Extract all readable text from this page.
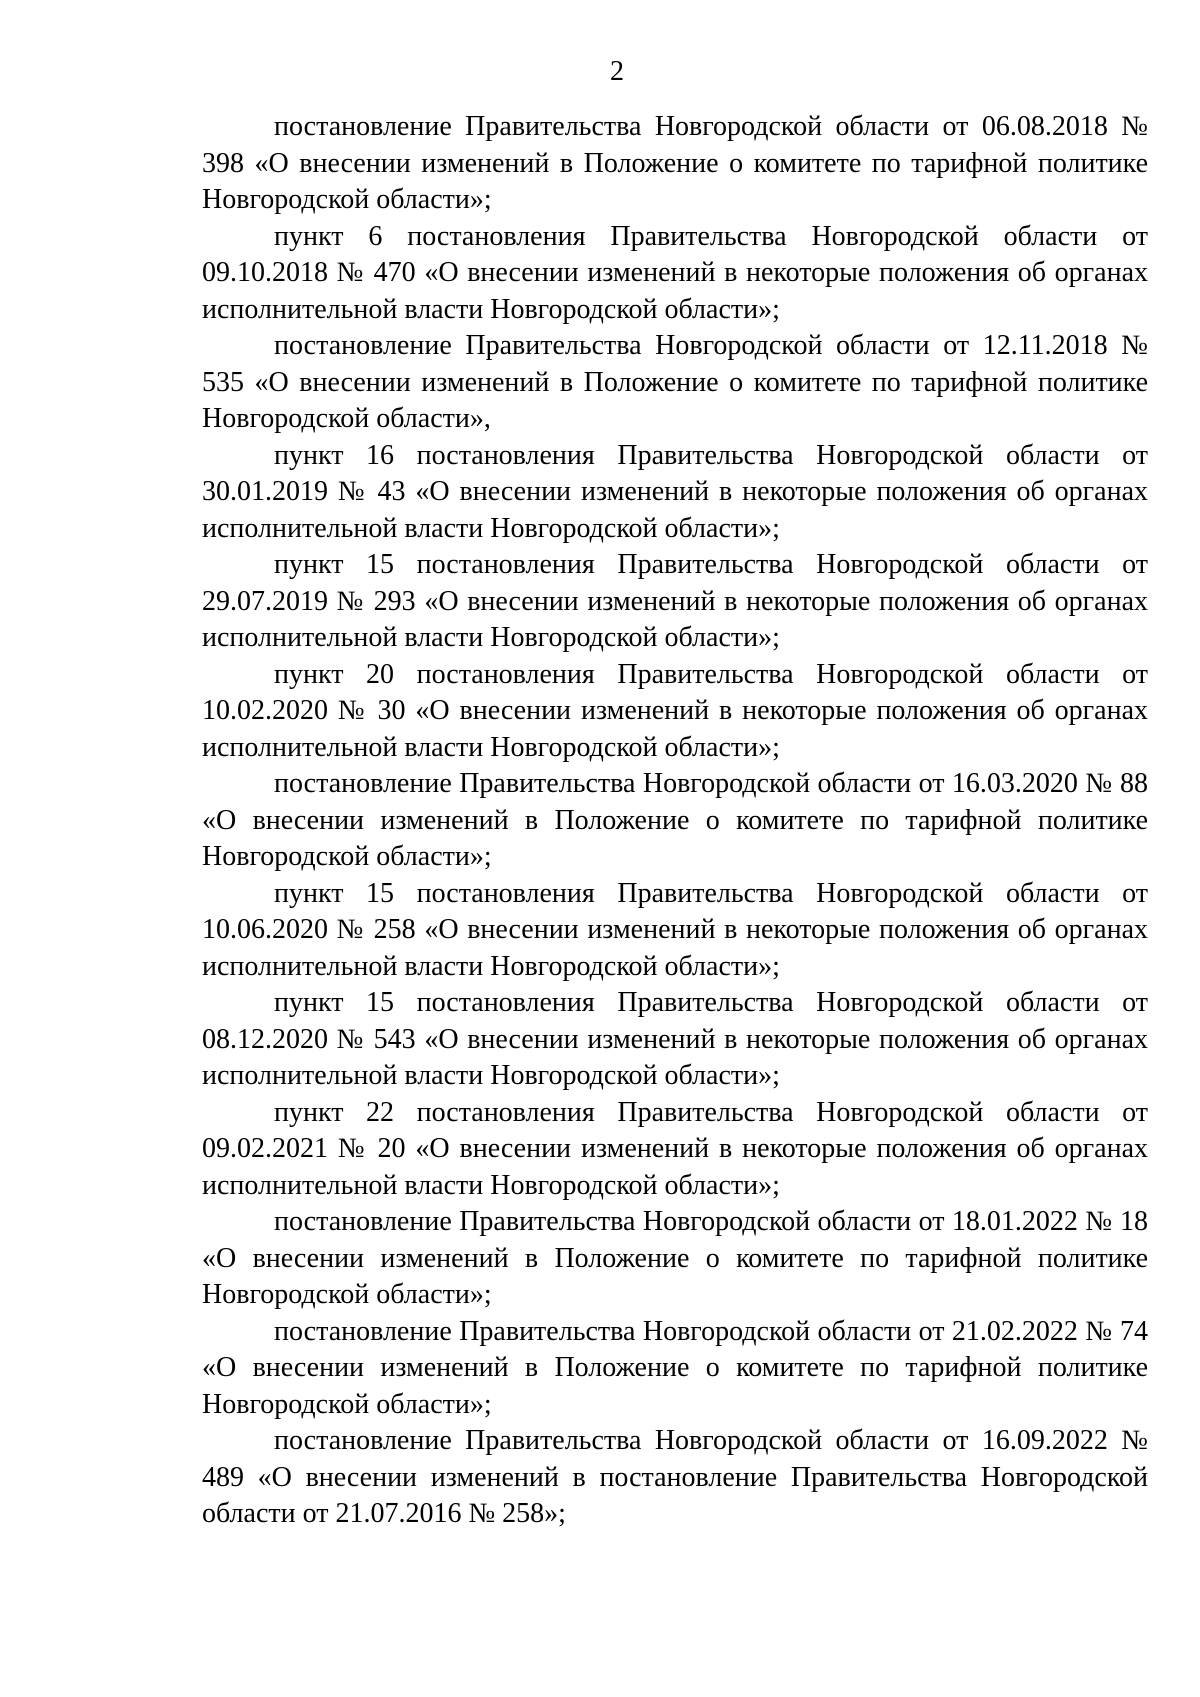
2

постановление Правительства Новгородской области от 06.08.2018 № 398 «О внесении изменений в Положение о комитете по тарифной политике Новгородской области»;

пункт 6 постановления Правительства Новгородской области от 09.10.2018 № 470 «О внесении изменений в некоторые положения об органах исполнительной власти Новгородской области»;

постановление Правительства Новгородской области от 12.11.2018 № 535 «О внесении изменений в Положение о комитете по тарифной политике Новгородской области»,

пункт 16 постановления Правительства Новгородской области от 30.01.2019 № 43 «О внесении изменений в некоторые положения об органах исполнительной власти Новгородской области»;

пункт 15 постановления Правительства Новгородской области от 29.07.2019 № 293 «О внесении изменений в некоторые положения об органах исполнительной власти Новгородской области»;

пункт 20 постановления Правительства Новгородской области от 10.02.2020 № 30 «О внесении изменений в некоторые положения об органах исполнительной власти Новгородской области»;

постановление Правительства Новгородской области от 16.03.2020 № 88 «О внесении изменений в Положение о комитете по тарифной политике Новгородской области»;

пункт 15 постановления Правительства Новгородской области от 10.06.2020 № 258 «О внесении изменений в некоторые положения об органах исполнительной власти Новгородской области»;

пункт 15 постановления Правительства Новгородской области от 08.12.2020 № 543 «О внесении изменений в некоторые положения об органах исполнительной власти Новгородской области»;

пункт 22 постановления Правительства Новгородской области от 09.02.2021 № 20 «О внесении изменений в некоторые положения об органах исполнительной власти Новгородской области»;

постановление Правительства Новгородской области от 18.01.2022 № 18 «О внесении изменений в Положение о комитете по тарифной политике Новгородской области»;

постановление Правительства Новгородской области от 21.02.2022 № 74 «О внесении изменений в Положение о комитете по тарифной политике Новгородской области»;

постановление Правительства Новгородской области от 16.09.2022 № 489 «О внесении изменений в постановление Правительства Новгородской области от 21.07.2016 № 258»;
